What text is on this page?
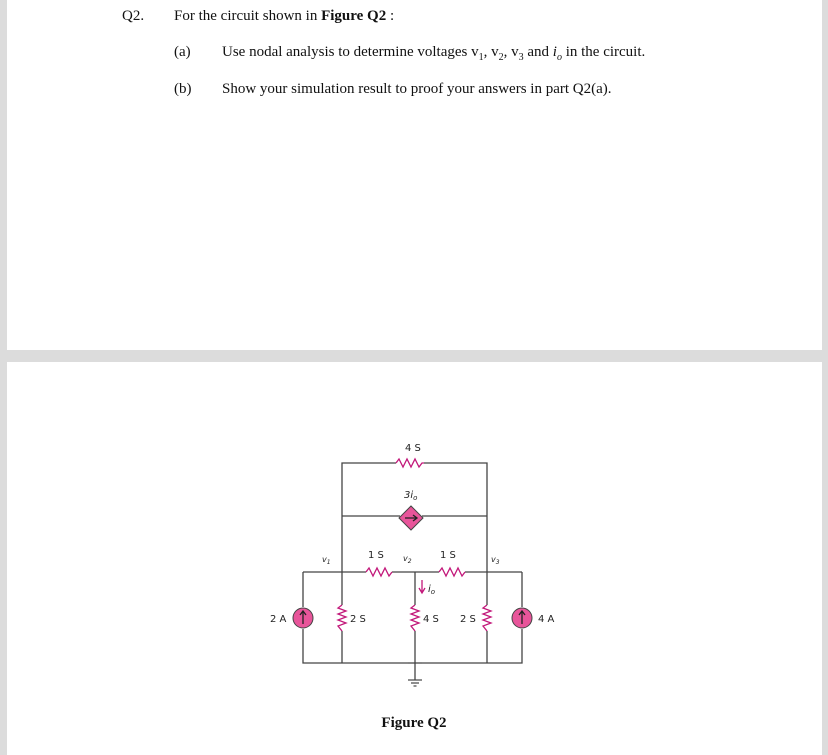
Q2. For the circuit shown in Figure Q2 :
(a) Use nodal analysis to determine voltages $v_1$, $v_2$, $v_3$ and $i_o$ in the circuit.
(b) Show your simulation result to proof your answers in part Q2(a).
4 S
$3i_o$
1 S	1 S
$v_1$	$v_2$	$v_3$
$i_o$
2 S	4 S 2 S
2 A	4 A
Figure Q2
